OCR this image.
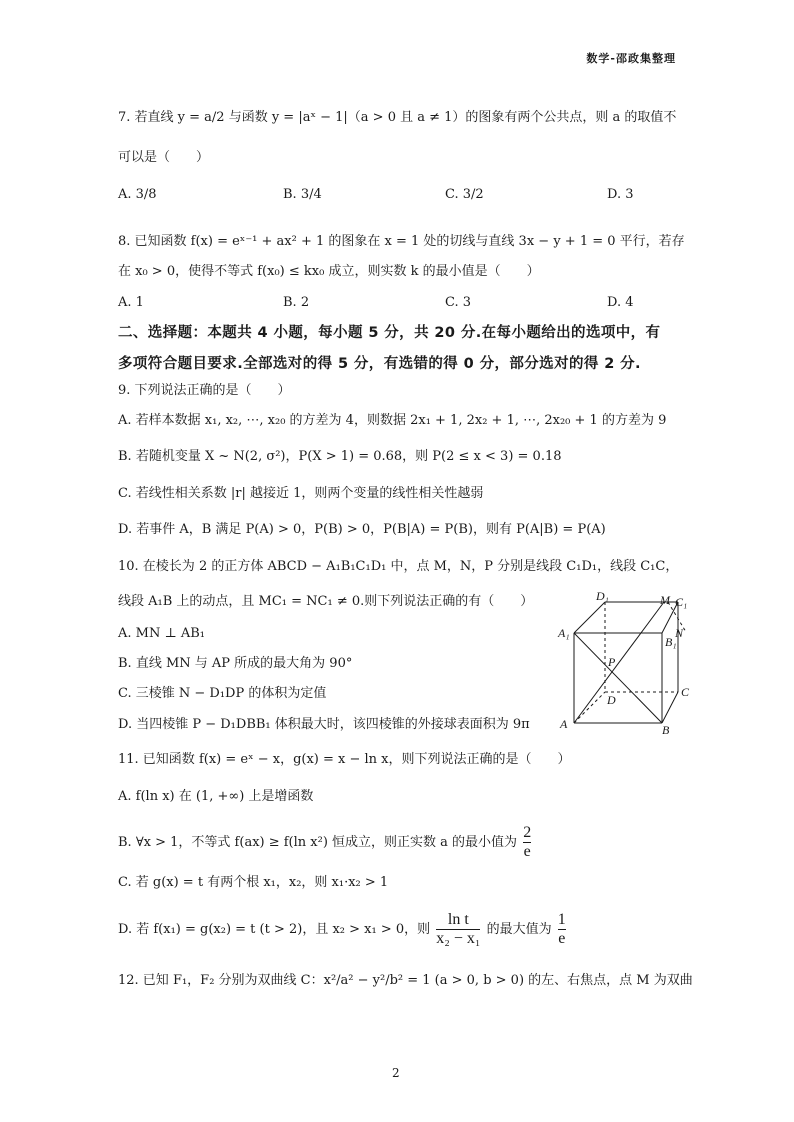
数学-邵政集整理
7. 若直线 y = a/2 与函数 y = |aˣ − 1|（a > 0 且 a ≠ 1）的图象有两个公共点，则 a 的取值不
可以是（　　）
A. 3/8	B. 3/4	C. 3/2	D. 3
8. 已知函数 f(x) = eˣ⁻¹ + ax² + 1 的图象在 x = 1 处的切线与直线 3x − y + 1 = 0 平行，若存
在 x₀ > 0，使得不等式 f(x₀) ≤ kx₀ 成立，则实数 k 的最小值是（　　）
A. 1	B. 2	C. 3	D. 4
二、选择题：本题共 4 小题，每小题 5 分，共 20 分.在每小题给出的选项中，有
多项符合题目要求.全部选对的得 5 分，有选错的得 0 分，部分选对的得 2 分.
9. 下列说法正确的是（　　）
A. 若样本数据 x₁, x₂, ⋯, x₂₀ 的方差为 4，则数据 2x₁ + 1, 2x₂ + 1, ⋯, 2x₂₀ + 1 的方差为 9
B. 若随机变量 X ~ N(2, σ²)，P(X > 1) = 0.68，则 P(2 ≤ x < 3) = 0.18
C. 若线性相关系数 |r| 越接近 1，则两个变量的线性相关性越弱
D. 若事件 A，B 满足 P(A) > 0，P(B) > 0，P(B|A) = P(B)，则有 P(A|B) = P(A)
10. 在棱长为 2 的正方体 ABCD − A₁B₁C₁D₁ 中，点 M，N，P 分别是线段 C₁D₁，线段 C₁C，
线段 A₁B 上的动点，且 MC₁ = NC₁ ≠ 0.则下列说法正确的有（　　）
A. MN ⊥ AB₁
B. 直线 MN 与 AP 所成的最大角为 90°
C. 三棱锥 N − D₁DP 的体积为定值
D. 当四棱锥 P − D₁DBB₁ 体积最大时，该四棱锥的外接球表面积为 9π
D₁	M C₁
A₁
B₁
N
P
D
C
A	B
11. 已知函数 f(x) = eˣ − x，g(x) = x − ln x，则下列说法正确的是（　　）
A. f(ln x) 在 (1, +∞) 上是增函数
B. ∀x > 1，不等式 f(ax) ≥ f(ln x²) 恒成立，则正实数 a 的最小值为 $\frac{2}{e}$
C. 若 g(x) = t 有两个根 x₁，x₂，则 x₁·x₂ > 1
D. 若 f(x₁) = g(x₂) = t (t > 2)，且 x₂ > x₁ > 0，则 $\frac{\text{ln t}}{\text{x₂ − x₁}}$ 的最大值为 $\frac{1}{e}$
12. 已知 F₁，F₂ 分别为双曲线 C：x²/a² − y²/b² = 1 (a > 0, b > 0) 的左、右焦点，点 M 为双曲
2
